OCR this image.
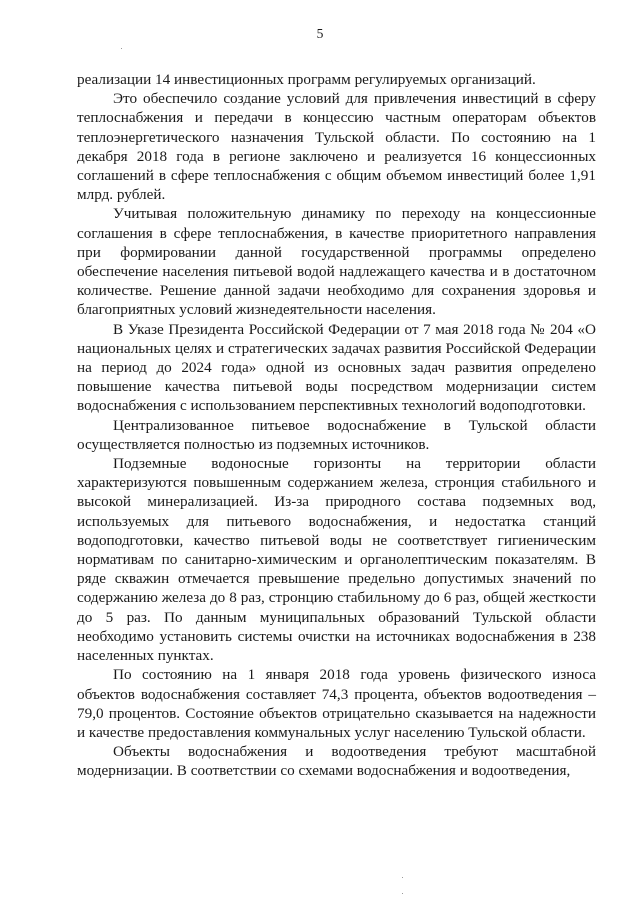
5

реализации 14 инвестиционных программ регулируемых организаций.

Это обеспечило создание условий для привлечения инвестиций в сферу теплоснабжения и передачи в концессию частным операторам объектов теплоэнергетического назначения Тульской области. По состоянию на 1 декабря 2018 года в регионе заключено и реализуется 16 концессионных соглашений в сфере теплоснабжения с общим объемом инвестиций более 1,91 млрд. рублей.

Учитывая положительную динамику по переходу на концессионные соглашения в сфере теплоснабжения, в качестве приоритетного направления при формировании данной государственной программы определено обеспечение населения питьевой водой надлежащего качества и в достаточном количестве. Решение данной задачи необходимо для сохранения здоровья и благоприятных условий жизнедеятельности населения.

В Указе Президента Российской Федерации от 7 мая 2018 года № 204 «О национальных целях и стратегических задачах развития Российской Федерации на период до 2024 года» одной из основных задач развития определено повышение качества питьевой воды посредством модернизации систем водоснабжения с использованием перспективных технологий водоподготовки.

Централизованное питьевое водоснабжение в Тульской области осуществляется полностью из подземных источников.

Подземные водоносные горизонты на территории области характеризуются повышенным содержанием железа, стронция стабильного и высокой минерализацией. Из-за природного состава подземных вод, используемых для питьевого водоснабжения, и недостатка станций водоподготовки, качество питьевой воды не соответствует гигиеническим нормативам по санитарно-химическим и органолептическим показателям. В ряде скважин отмечается превышение предельно допустимых значений по содержанию железа до 8 раз, стронцию стабильному до 6 раз, общей жесткости до 5 раз. По данным муниципальных образований Тульской области необходимо установить системы очистки на источниках водоснабжения в 238 населенных пунктах.

По состоянию на 1 января 2018 года уровень физического износа объектов водоснабжения составляет 74,3 процента, объектов водоотведения – 79,0 процентов. Состояние объектов отрицательно сказывается на надежности и качестве предоставления коммунальных услуг населению Тульской области.

Объекты водоснабжения и водоотведения требуют масштабной модернизации. В соответствии со схемами водоснабжения и водоотведения,
